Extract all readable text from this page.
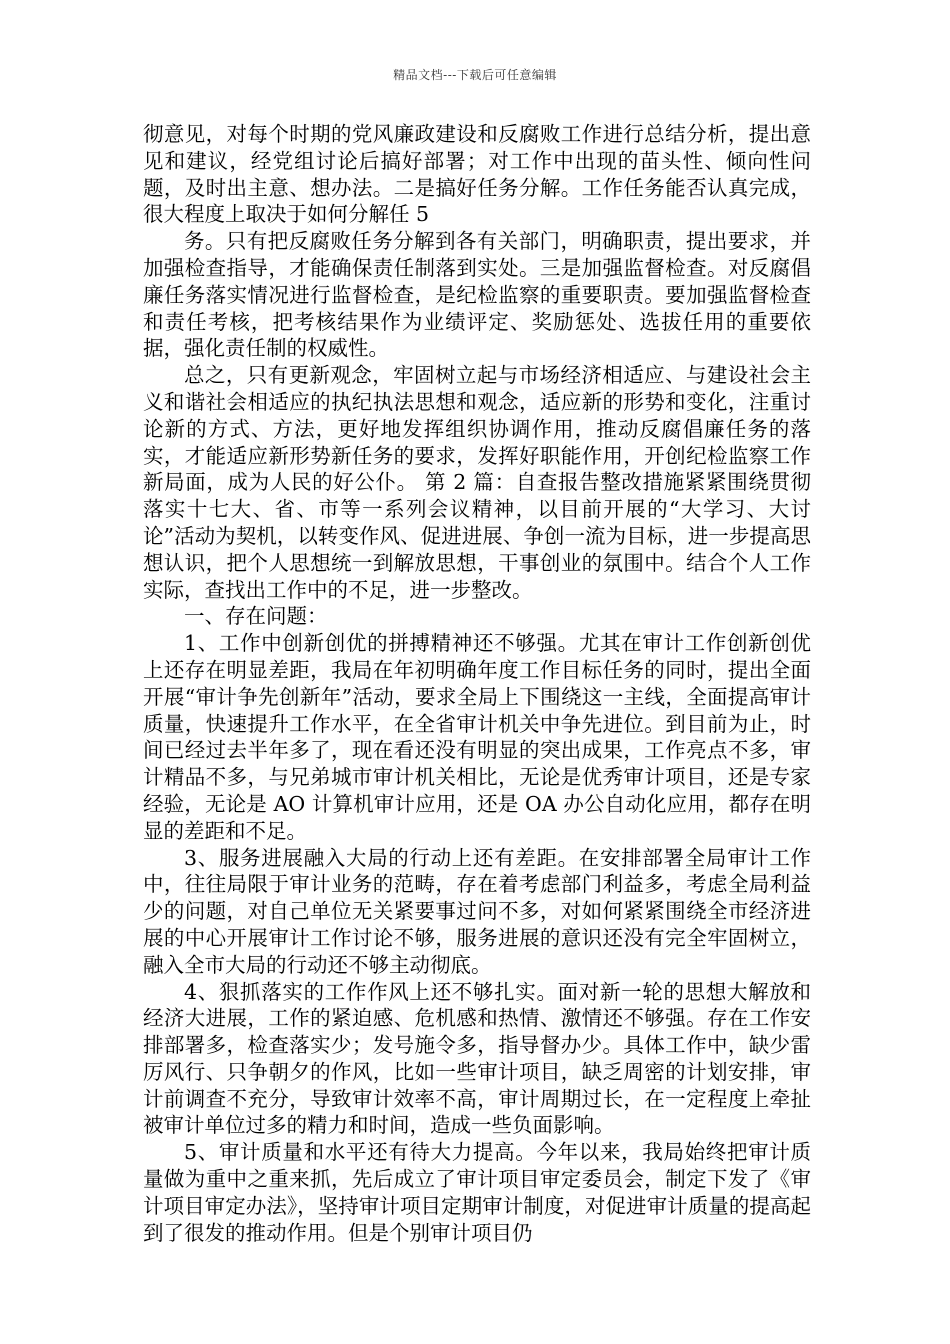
精品文档---下载后可任意编辑

彻意见，对每个时期的党风廉政建设和反腐败工作进行总结分析，提出意见和建议，经党组讨论后搞好部署；对工作中出现的苗头性、倾向性问题，及时出主意、想办法。二是搞好任务分解。工作任务能否认真完成，很大程度上取决于如何分解任 5

务。只有把反腐败任务分解到各有关部门，明确职责，提出要求，并加强检查指导，才能确保责任制落到实处。三是加强监督检查。对反腐倡廉任务落实情况进行监督检查，是纪检监察的重要职责。要加强监督检查和责任考核，把考核结果作为业绩评定、奖励惩处、选拔任用的重要依据，强化责任制的权威性。

总之，只有更新观念，牢固树立起与市场经济相适应、与建设社会主义和谐社会相适应的执纪执法思想和观念，适应新的形势和变化，注重讨论新的方式、方法，更好地发挥组织协调作用，推动反腐倡廉任务的落实，才能适应新形势新任务的要求，发挥好职能作用，开创纪检监察工作新局面，成为人民的好公仆。 第 2 篇：自查报告整改措施紧紧围绕贯彻落实十七大、省、市等一系列会议精神，以目前开展的“大学习、大讨论”活动为契机，以转变作风、促进进展、争创一流为目标，进一步提高思想认识，把个人思想统一到解放思想，干事创业的氛围中。结合个人工作实际，查找出工作中的不足，进一步整改。

一、存在问题：

1、工作中创新创优的拼搏精神还不够强。尤其在审计工作创新创优上还存在明显差距，我局在年初明确年度工作目标任务的同时，提出全面开展“审计争先创新年”活动，要求全局上下围绕这一主线，全面提高审计质量，快速提升工作水平，在全省审计机关中争先进位。到目前为止，时间已经过去半年多了，现在看还没有明显的突出成果，工作亮点不多，审计精品不多，与兄弟城市审计机关相比，无论是优秀审计项目，还是专家经验，无论是 AO 计算机审计应用，还是 OA 办公自动化应用，都存在明显的差距和不足。

3、服务进展融入大局的行动上还有差距。在安排部署全局审计工作中，往往局限于审计业务的范畴，存在着考虑部门利益多，考虑全局利益少的问题，对自己单位无关紧要事过问不多，对如何紧紧围绕全市经济进展的中心开展审计工作讨论不够，服务进展的意识还没有完全牢固树立，融入全市大局的行动还不够主动彻底。

4、狠抓落实的工作作风上还不够扎实。面对新一轮的思想大解放和经济大进展，工作的紧迫感、危机感和热情、激情还不够强。存在工作安排部署多，检查落实少；发号施令多，指导督办少。具体工作中，缺少雷厉风行、只争朝夕的作风，比如一些审计项目，缺乏周密的计划安排，审计前调查不充分，导致审计效率不高，审计周期过长，在一定程度上牵扯被审计单位过多的精力和时间，造成一些负面影响。

5、审计质量和水平还有待大力提高。今年以来，我局始终把审计质量做为重中之重来抓，先后成立了审计项目审定委员会，制定下发了《审计项目审定办法》，坚持审计项目定期审计制度，对促进审计质量的提高起到了很发的推动作用。但是个别审计项目仍
